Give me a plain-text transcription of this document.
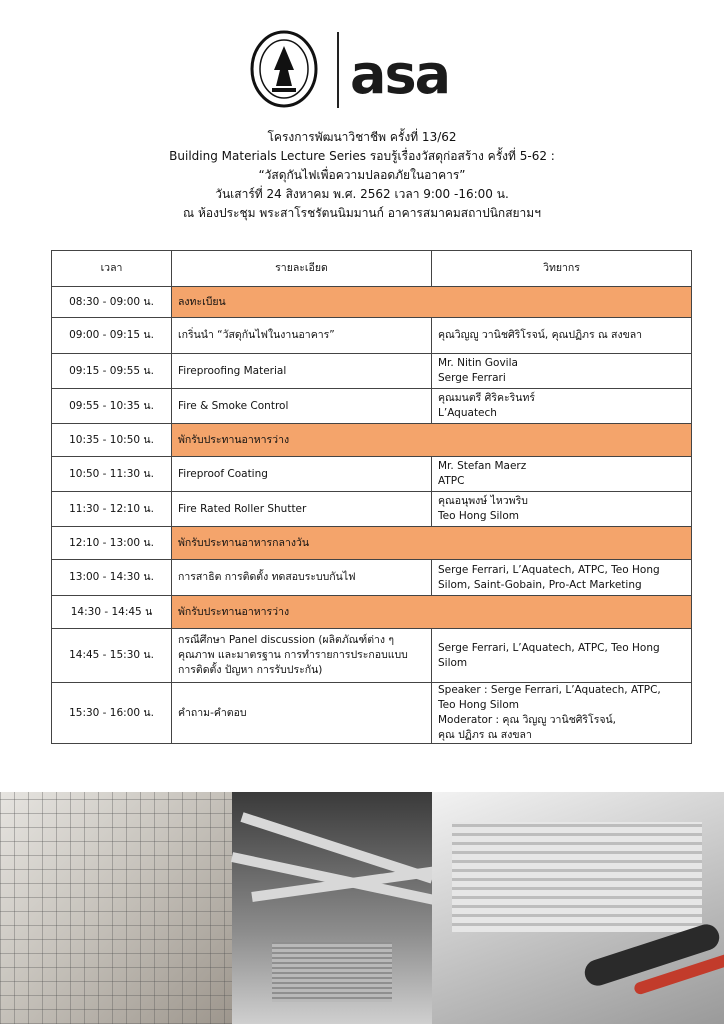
asa
โครงการพัฒนาวิชาชีพ ครั้งที่ 13/62
Building Materials Lecture Series รอบรู้เรื่องวัสดุก่อสร้าง ครั้งที่ 5-62 :
“วัสดุกันไฟเพื่อความปลอดภัยในอาคาร”
วันเสาร์ที่ 24 สิงหาคม พ.ศ. 2562 เวลา 9:00 -16:00 น.
ณ ห้องประชุม พระสาโรชรัตนนิมมานก์ อาคารสมาคมสถาปนิกสยามฯ
เวลา	รายละเอียด	วิทยากร
08:30 - 09:00 น.	ลงทะเบียน	
09:00 - 09:15 น.	เกริ่นนำ “วัสดุกันไฟในงานอาคาร”	คุณวิญญู วานิชศิริโรจน์, คุณปฏิภร ณ สงขลา

09:15 - 09:55 น.	Fireproofing Material	Mr. Nitin Govila
Serge Ferrari

09:55 - 10:35 น.	Fire & Smoke Control	คุณมนตรี ศิริคะรินทร์
L’Aquatech

10:35 - 10:50 น.	พักรับประทานอาหารว่าง	
10:50 - 11:30 น.	Fireproof Coating	Mr. Stefan Maerz
ATPC

11:30 - 12:10 น.	Fire Rated Roller Shutter	คุณอนุพงษ์ ไหวพริบ
Teo Hong Silom

12:10 - 13:00 น.	พักรับประทานอาหารกลางวัน	
13:00 - 14:30 น.	การสาธิต การติดตั้ง ทดสอบระบบกันไฟ	Serge Ferrari, L’Aquatech, ATPC, Teo Hong
Silom, Saint-Gobain, Pro-Act Marketing

14:30 - 14:45 น	พักรับประทานอาหารว่าง	
14:45 - 15:30 น.	กรณีศึกษา Panel discussion (ผลิตภัณฑ์ต่าง ๆ คุณภาพ และมาตรฐาน การทำรายการประกอบแบบ การติดตั้ง ปัญหา การรับประกัน)	Serge Ferrari, L’Aquatech, ATPC, Teo Hong
Silom

15:30 - 16:00 น.	คำถาม-คำตอบ	Speaker : Serge Ferrari, L’Aquatech, ATPC,
Teo Hong Silom
Moderator : คุณ วิญญู วานิชศิริโรจน์,
คุณ ปฏิภร ณ สงขลา
